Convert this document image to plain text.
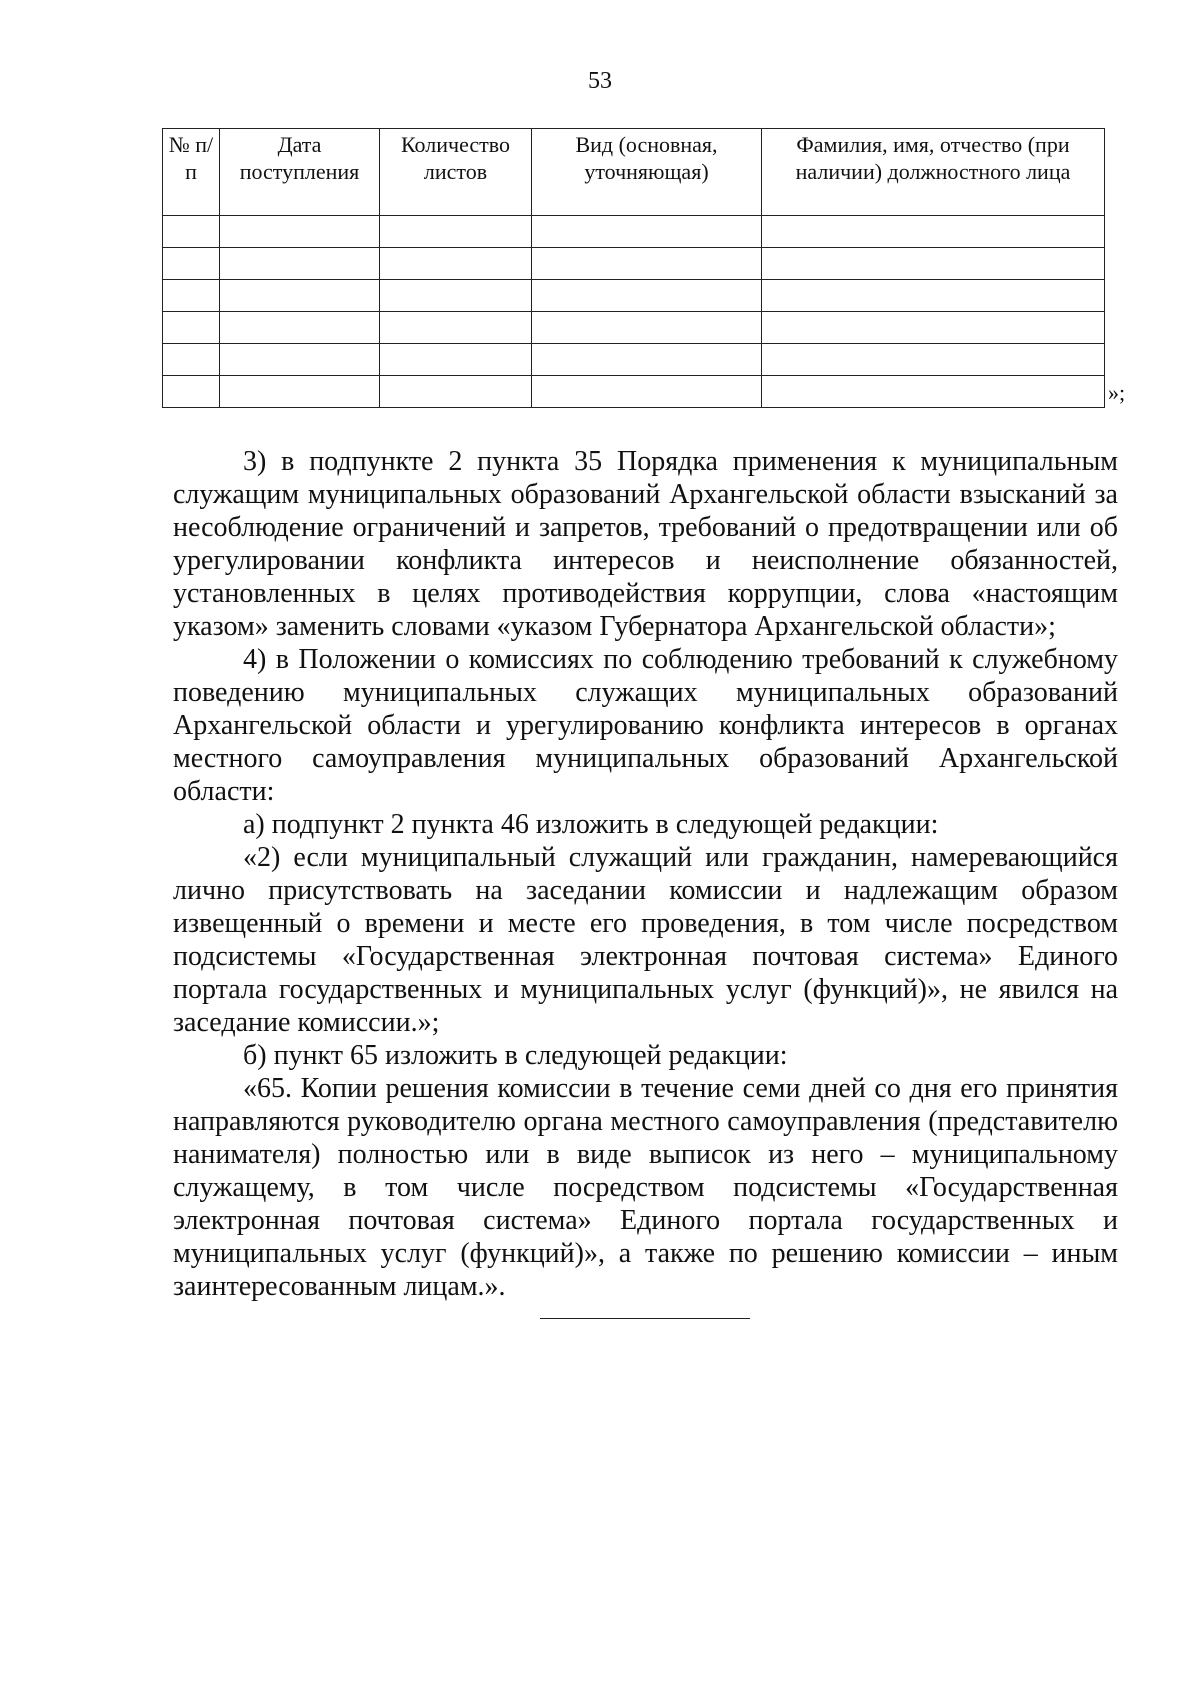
53
№ п/п	Дата поступления	Количество листов	Вид (основная, уточняющая)	Фамилия, имя, отчество (при наличии) должностного лица

»;

3) в подпункте 2 пункта 35 Порядка применения к муниципальным служащим муниципальных образований Архангельской области взысканий за несоблюдение ограничений и запретов, требований о предотвращении или об урегулировании конфликта интересов и неисполнение обязанностей, установленных в целях противодействия коррупции, слова «настоящим указом» заменить словами «указом Губернатора Архангельской области»;

4) в Положении о комиссиях по соблюдению требований к служебному поведению муниципальных служащих муниципальных образований Архангельской области и урегулированию конфликта интересов в органах местного самоуправления муниципальных образований Архангельской области:

а) подпункт 2 пункта 46 изложить в следующей редакции:

«2) если муниципальный служащий или гражданин, намеревающийся лично присутствовать на заседании комиссии и надлежащим образом извещенный о времени и месте его проведения, в том числе посредством подсистемы «Государственная электронная почтовая система» Единого портала государственных и муниципальных услуг (функций)», не явился на заседание комиссии.»;

б) пункт 65 изложить в следующей редакции:

«65. Копии решения комиссии в течение семи дней со дня его принятия направляются руководителю органа местного самоуправления (представителю нанимателя) полностью или в виде выписок из него – муниципальному служащему, в том числе посредством подсистемы «Государственная электронная почтовая система» Единого портала государственных и муниципальных услуг (функций)», а также по решению комиссии – иным заинтересованным лицам.».
